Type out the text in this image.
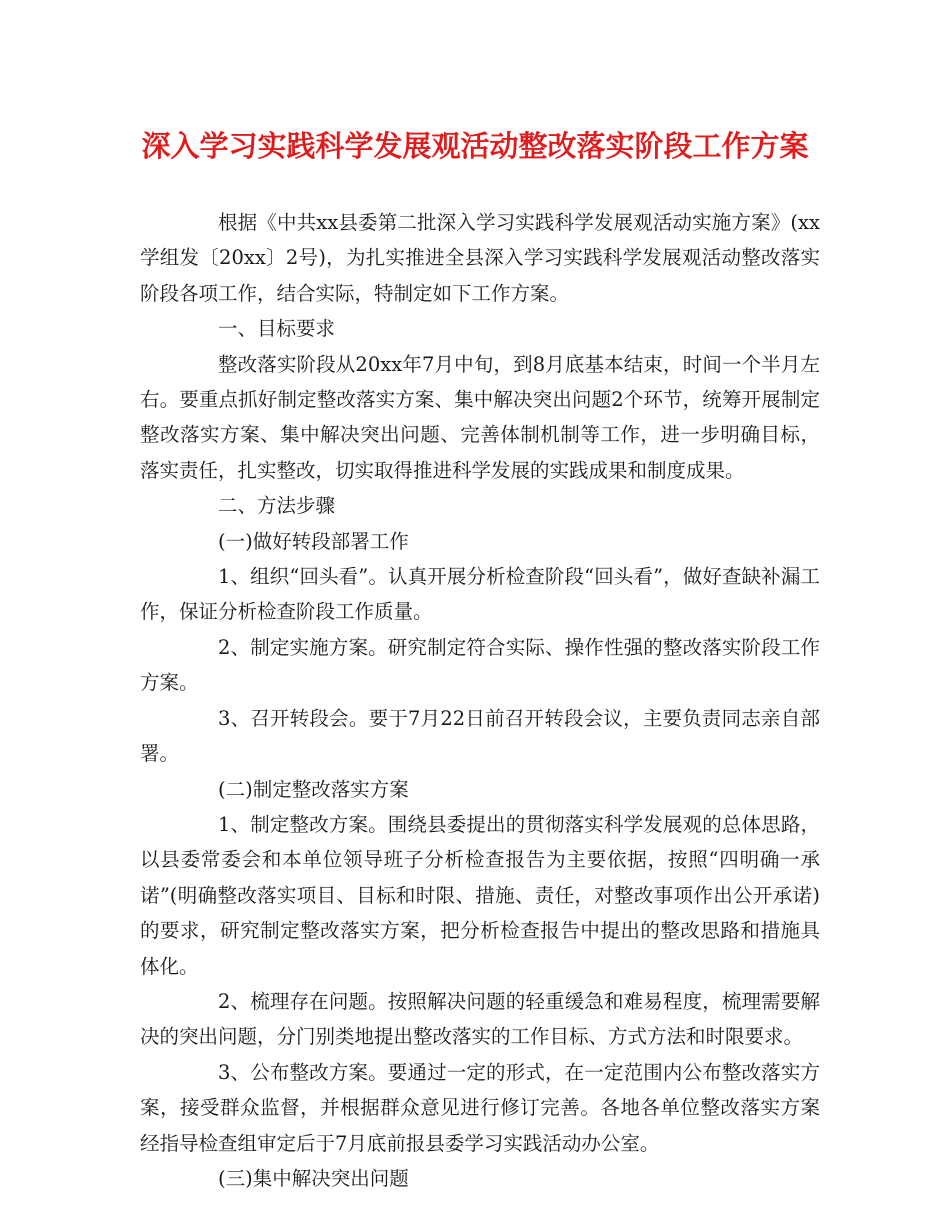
深入学习实践科学发展观活动整改落实阶段工作方案

根据《中共xx县委第二批深入学习实践科学发展观活动实施方案》(xx学组发〔20xx〕2号)，为扎实推进全县深入学习实践科学发展观活动整改落实阶段各项工作，结合实际，特制定如下工作方案。

一、目标要求

整改落实阶段从20xx年7月中旬，到8月底基本结束，时间一个半月左右。要重点抓好制定整改落实方案、集中解决突出问题2个环节，统筹开展制定整改落实方案、集中解决突出问题、完善体制机制等工作，进一步明确目标，落实责任，扎实整改，切实取得推进科学发展的实践成果和制度成果。

二、方法步骤

(一)做好转段部署工作

1、组织“回头看”。认真开展分析检查阶段“回头看”，做好查缺补漏工作，保证分析检查阶段工作质量。

2、制定实施方案。研究制定符合实际、操作性强的整改落实阶段工作方案。

3、召开转段会。要于7月22日前召开转段会议，主要负责同志亲自部署。

(二)制定整改落实方案

1、制定整改方案。围绕县委提出的贯彻落实科学发展观的总体思路，以县委常委会和本单位领导班子分析检查报告为主要依据，按照“四明确一承诺”(明确整改落实项目、目标和时限、措施、责任，对整改事项作出公开承诺)的要求，研究制定整改落实方案，把分析检查报告中提出的整改思路和措施具体化。

2、梳理存在问题。按照解决问题的轻重缓急和难易程度，梳理需要解决的突出问题，分门别类地提出整改落实的工作目标、方式方法和时限要求。

3、公布整改方案。要通过一定的形式，在一定范围内公布整改落实方案，接受群众监督，并根据群众意见进行修订完善。各地各单位整改落实方案经指导检查组审定后于7月底前报县委学习实践活动办公室。

(三)集中解决突出问题
